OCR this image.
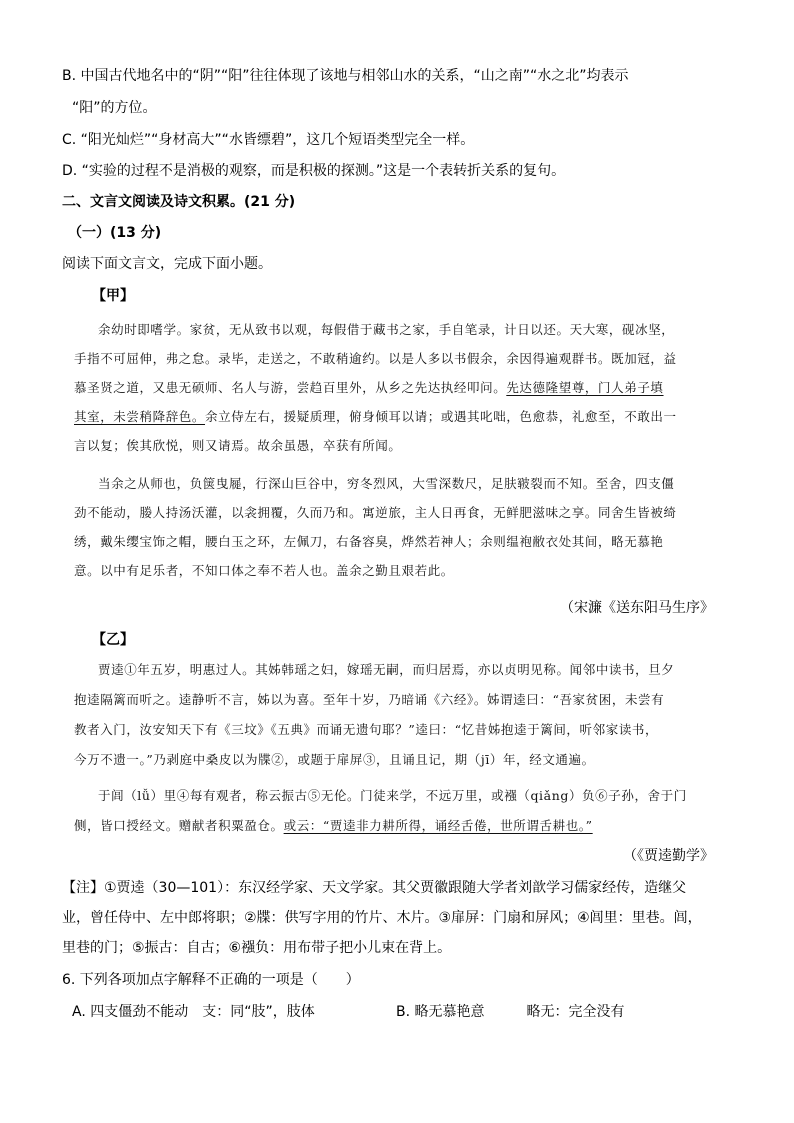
B. 中国古代地名中的“阴”“阳”往往体现了该地与相邻山水的关系，“山之南”“水之北”均表示
“阳”的方位。
C. “阳光灿烂”“身材高大”“水皆缥碧”，这几个短语类型完全一样。
D. “实验的过程不是消极的观察，而是积极的探测。”这是一个表转折关系的复句。
二、文言文阅读及诗文积累。(21 分)
（一）(13 分)
阅读下面文言文，完成下面小题。
【甲】
余幼时即嗜学。家贫，无从致书以观，每假借于藏书之家，手自笔录，计日以还。天大寒，砚冰坚，
手指不可屈伸，弗之怠。录毕，走送之，不敢稍逾约。以是人多以书假余，余因得遍观群书。既加冠，益
慕圣贤之道，又患无硕师、名人与游，尝趋百里外，从乡之先达执经叩问。先达德隆望尊，门人弟子填
其室，未尝稍降辞色。余立侍左右，援疑质理，俯身倾耳以请；或遇其叱咄，色愈恭，礼愈至，不敢出一
言以复；俟其欣悦，则又请焉。故余虽愚，卒获有所闻。
当余之从师也，负箧曳屣，行深山巨谷中，穷冬烈风，大雪深数尺，足肤皲裂而不知。至舍，四支僵
劲不能动，媵人持汤沃灌，以衾拥覆，久而乃和。寓逆旅，主人日再食，无鲜肥滋味之享。同舍生皆被绮
绣，戴朱缨宝饰之帽，腰白玉之环，左佩刀，右备容臭，烨然若神人；余则缊袍敝衣处其间，略无慕艳
意。以中有足乐者，不知口体之奉不若人也。盖余之勤且艰若此。
（宋濂《送东阳马生序》
【乙】
贾逵①年五岁，明惠过人。其姊韩瑶之妇，嫁瑶无嗣，而归居焉，亦以贞明见称。闻邻中读书，旦夕
抱逵隔篱而听之。逵静听不言，姊以为喜。至年十岁，乃暗诵《六经》。姊谓逵曰：“吾家贫困，未尝有
教者入门，汝安知天下有《三坟》《五典》而诵无遗句耶？”逵曰：“忆昔姊抱逵于篱间，听邻家读书，
今万不遗一。”乃剥庭中桑皮以为牒②，或题于扉屏③，且诵且记，期（jī）年，经文通遍。
于闾（lǚ）里④每有观者，称云振古⑤无伦。门徒来学，不远万里，或襁（qiǎng）负⑥子孙，舍于门
侧，皆口授经文。赠献者积粟盈仓。或云：“贾逵非力耕所得，诵经舌倦，世所谓舌耕也。”
（《贾逵勤学》
【注】①贾逵（30—101）：东汉经学家、天文学家。其父贾徽跟随大学者刘歆学习儒家经传，造继父
业，曾任侍中、左中郎将职；②牒：供写字用的竹片、木片。③扉屏：门扇和屏风；④闾里：里巷。闾，
里巷的门；⑤振古：自古；⑥襁负：用布带子把小儿束在背上。
6. 下列各项加点字解释不正确的一项是（　　）
A. 四支僵劲不能动　支：同“肢”，肢体	B. 略无慕艳意　　　略无：完全没有
